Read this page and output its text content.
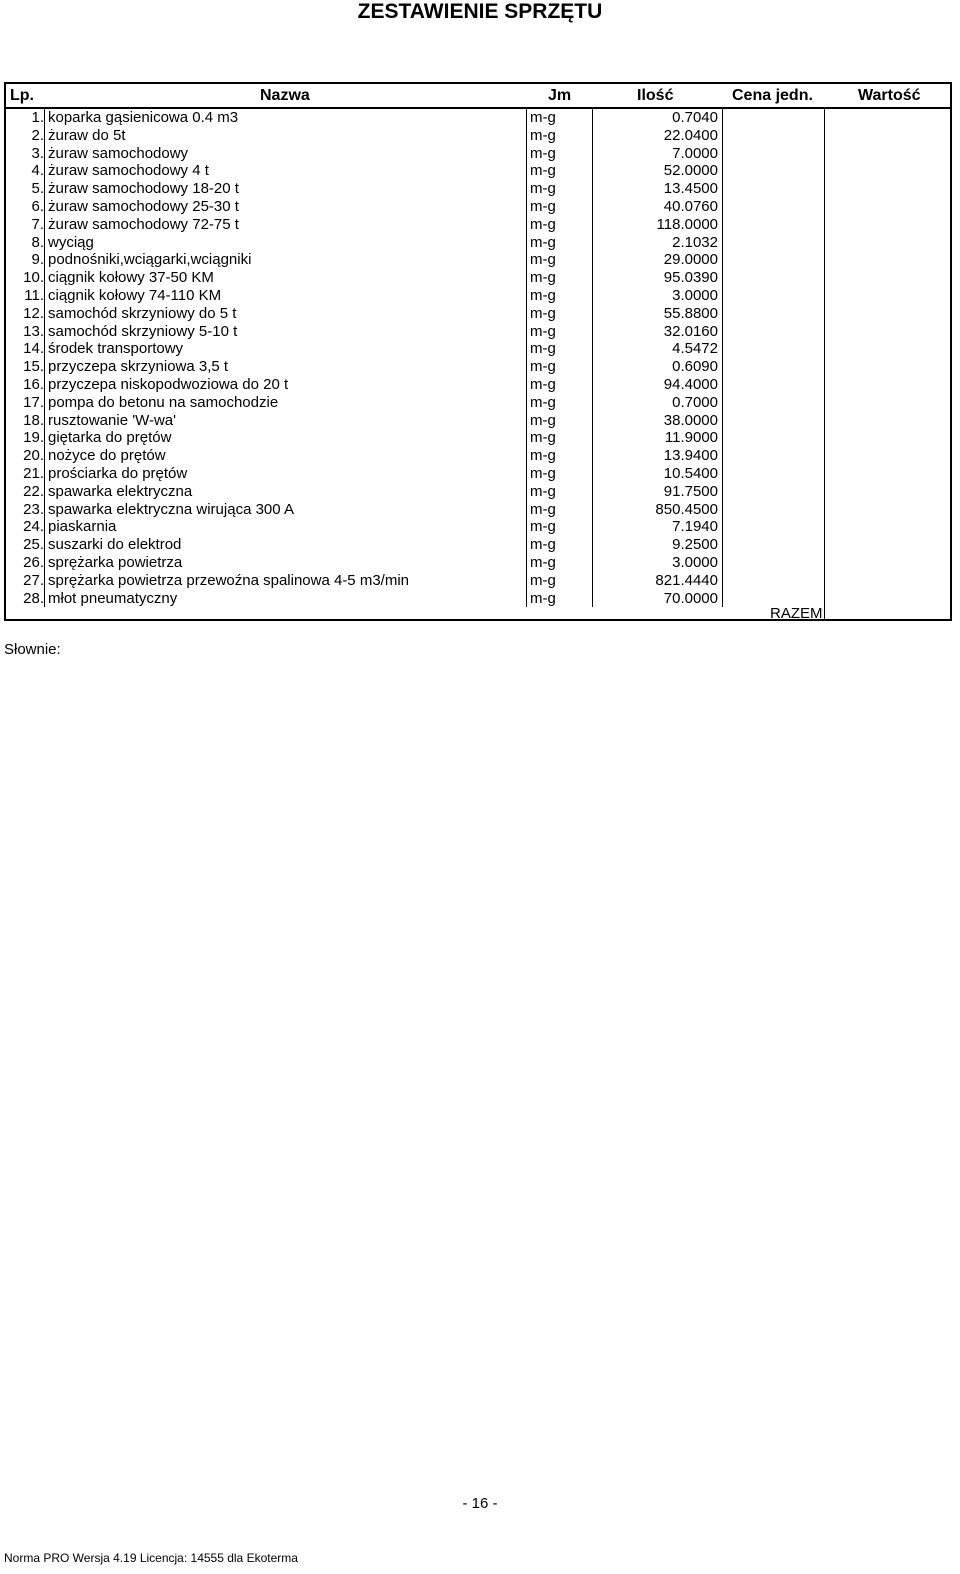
ZESTAWIENIE SPRZĘTU
Lp.	Nazwa	Jm	Ilość	Cena jedn.	Wartość
1. koparka gąsienicowa 0.4 m3	m-g	0.7040
2. żuraw do 5t	m-g	22.0400
3. żuraw samochodowy	m-g	7.0000
4. żuraw samochodowy 4 t	m-g	52.0000
5. żuraw samochodowy 18-20 t	m-g	13.4500
6. żuraw samochodowy 25-30 t	m-g	40.0760
7. żuraw samochodowy 72-75 t	m-g	118.0000
8. wyciąg	m-g	2.1032
9. podnośniki,wciągarki,wciągniki	m-g	29.0000
10. ciągnik kołowy 37-50 KM	m-g	95.0390
11. ciągnik kołowy 74-110 KM	m-g	3.0000
12. samochód skrzyniowy do 5 t	m-g	55.8800
13. samochód skrzyniowy 5-10 t	m-g	32.0160
14. środek transportowy	m-g	4.5472
15. przyczepa skrzyniowa 3,5 t	m-g	0.6090
16. przyczepa niskopodwoziowa do 20 t	m-g	94.4000
17. pompa do betonu na samochodzie	m-g	0.7000
18. rusztowanie 'W-wa'	m-g	38.0000
19. giętarka do prętów	m-g	11.9000
20. nożyce do prętów	m-g	13.9400
21. prościarka do prętów	m-g	10.5400
22. spawarka elektryczna	m-g	91.7500
23. spawarka elektryczna wirująca 300 A	m-g	850.4500
24. piaskarnia	m-g	7.1940
25. suszarki do elektrod	m-g	9.2500
26. sprężarka powietrza	m-g	3.0000
27. sprężarka powietrza przewoźna spalinowa 4-5 m3/min	m-g	821.4440
28. młot pneumatyczny	m-g	70.0000
RAZEM
Słownie:
- 16 -
Norma PRO Wersja 4.19 Licencja: 14555 dla Ekoterma
